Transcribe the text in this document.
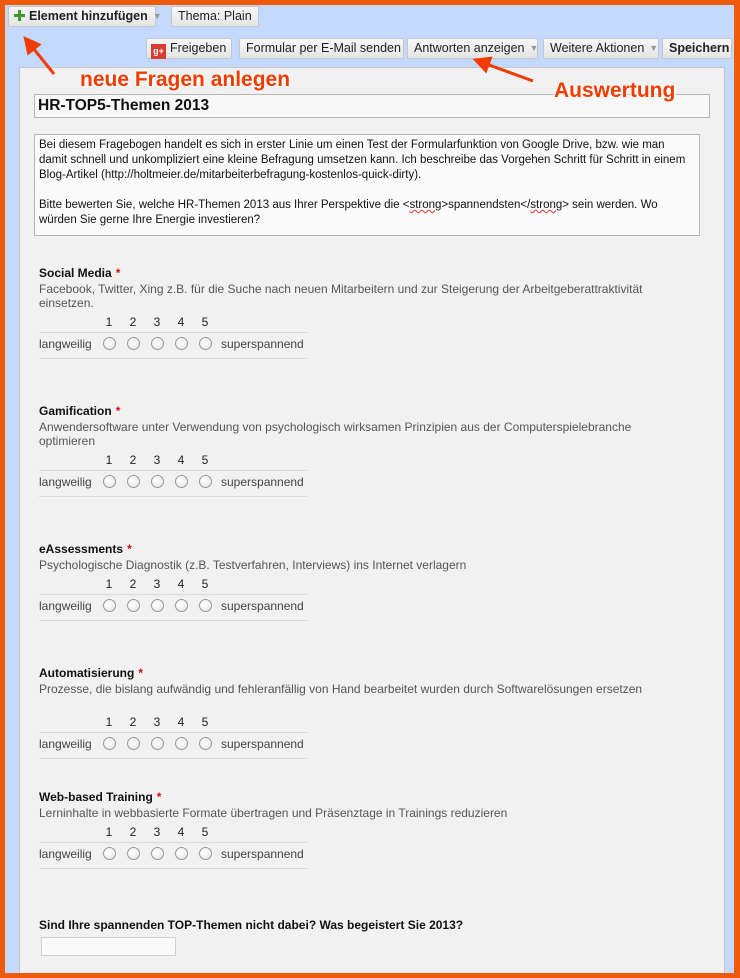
Element hinzufügen ▼	Thema: Plain
g+ Freigeben	Formular per E-Mail senden	Antworten anzeigen ▼ Weitere Aktionen ▼ Speichern
HR-TOP5-Themen 2013

Bei diesem Fragebogen handelt es sich in erster Linie um einen Test der Formularfunktion von Google Drive, bzw. wie man damit schnell und unkompliziert eine kleine Befragung umsetzen kann. Ich beschreibe das Vorgehen Schritt für Schritt in einem Blog-Artikel (http://holtmeier.de/mitarbeiterbefragung-kostenlos-quick-dirty).

Bitte bewerten Sie, welche HR-Themen 2013 aus Ihrer Perspektive die <strong>spannendsten</strong> sein werden. Wo würden Sie gerne Ihre Energie investieren?

Social Media *
Facebook, Twitter, Xing z.B. für die Suche nach neuen Mitarbeitern und zur Steigerung der Arbeitgeberattraktivität einsetzen.
1	2	3	4	5
langweilig	superspannend
Gamification *
Anwendersoftware unter Verwendung von psychologisch wirksamen Prinzipien aus der Computerspielebranche optimieren
1	2	3	4	5
langweilig	superspannend
eAssessments *
Psychologische Diagnostik (z.B. Testverfahren, Interviews) ins Internet verlagern
1	2	3	4	5
langweilig	superspannend
Automatisierung *
Prozesse, die bislang aufwändig und fehleranfällig von Hand bearbeitet wurden durch Softwarelösungen ersetzen
1	2	3	4	5
langweilig	superspannend
Web-based Training *
Lerninhalte in webbasierte Formate übertragen und Präsenztage in Trainings reduzieren
1	2	3	4	5
langweilig	superspannend
Sind Ihre spannenden TOP-Themen nicht dabei? Was begeistert Sie 2013?
neue Fragen anlegen	Auswertung
